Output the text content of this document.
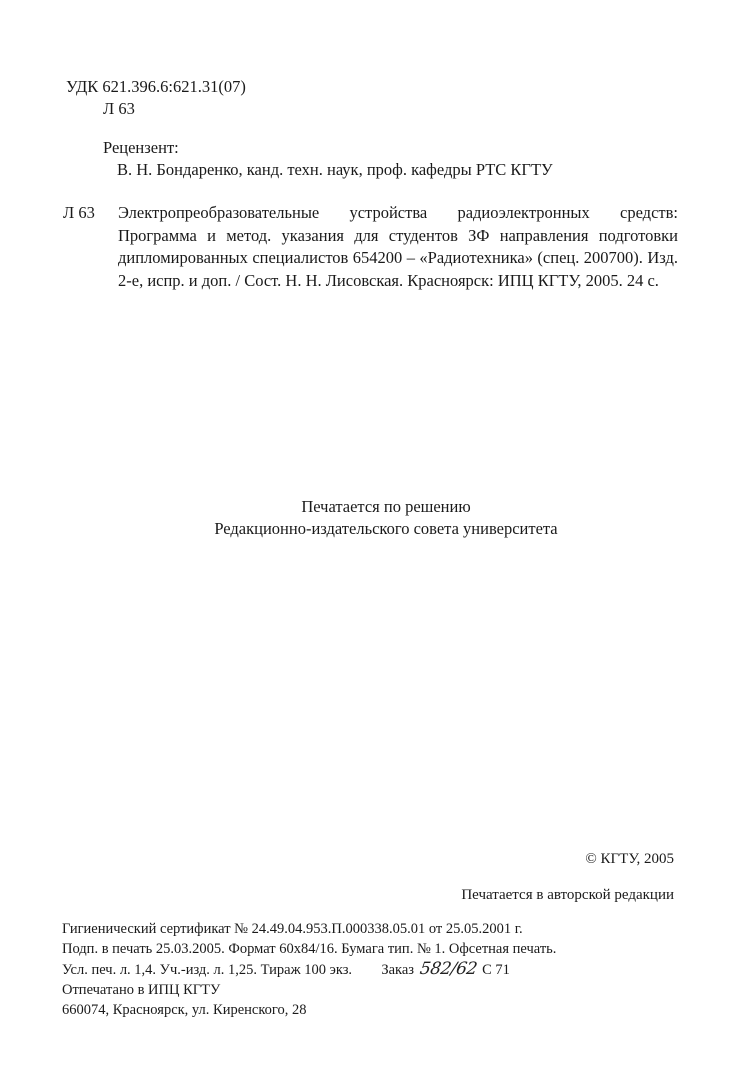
УДК 621.396.6:621.31(07)
Л 63
Рецензент:
В. Н. Бондаренко, канд. техн. наук, проф. кафедры РТС КГТУ
Л 63 Электропреобразовательные устройства радиоэлектронных средств: Программа и метод. указания для студентов ЗФ направления подготовки дипломированных специалистов 654200 – «Радиотехника» (спец. 200700). Изд. 2-е, испр. и доп. / Сост. Н. Н. Лисовская. Красноярск: ИПЦ КГТУ, 2005. 24 с.
Печатается по решению
Редакционно-издательского совета университета
© КГТУ, 2005
Печатается в авторской редакции
Гигиенический сертификат № 24.49.04.953.П.000338.05.01 от 25.05.2001 г.
Подп. в печать 25.03.2005. Формат 60х84/16. Бумага тип. № 1. Офсетная печать.
Усл. печ. л. 1,4. Уч.-изд. л. 1,25. Тираж 100 экз. Заказ 582/62 С 71
Отпечатано в ИПЦ КГТУ
660074, Красноярск, ул. Киренского, 28
